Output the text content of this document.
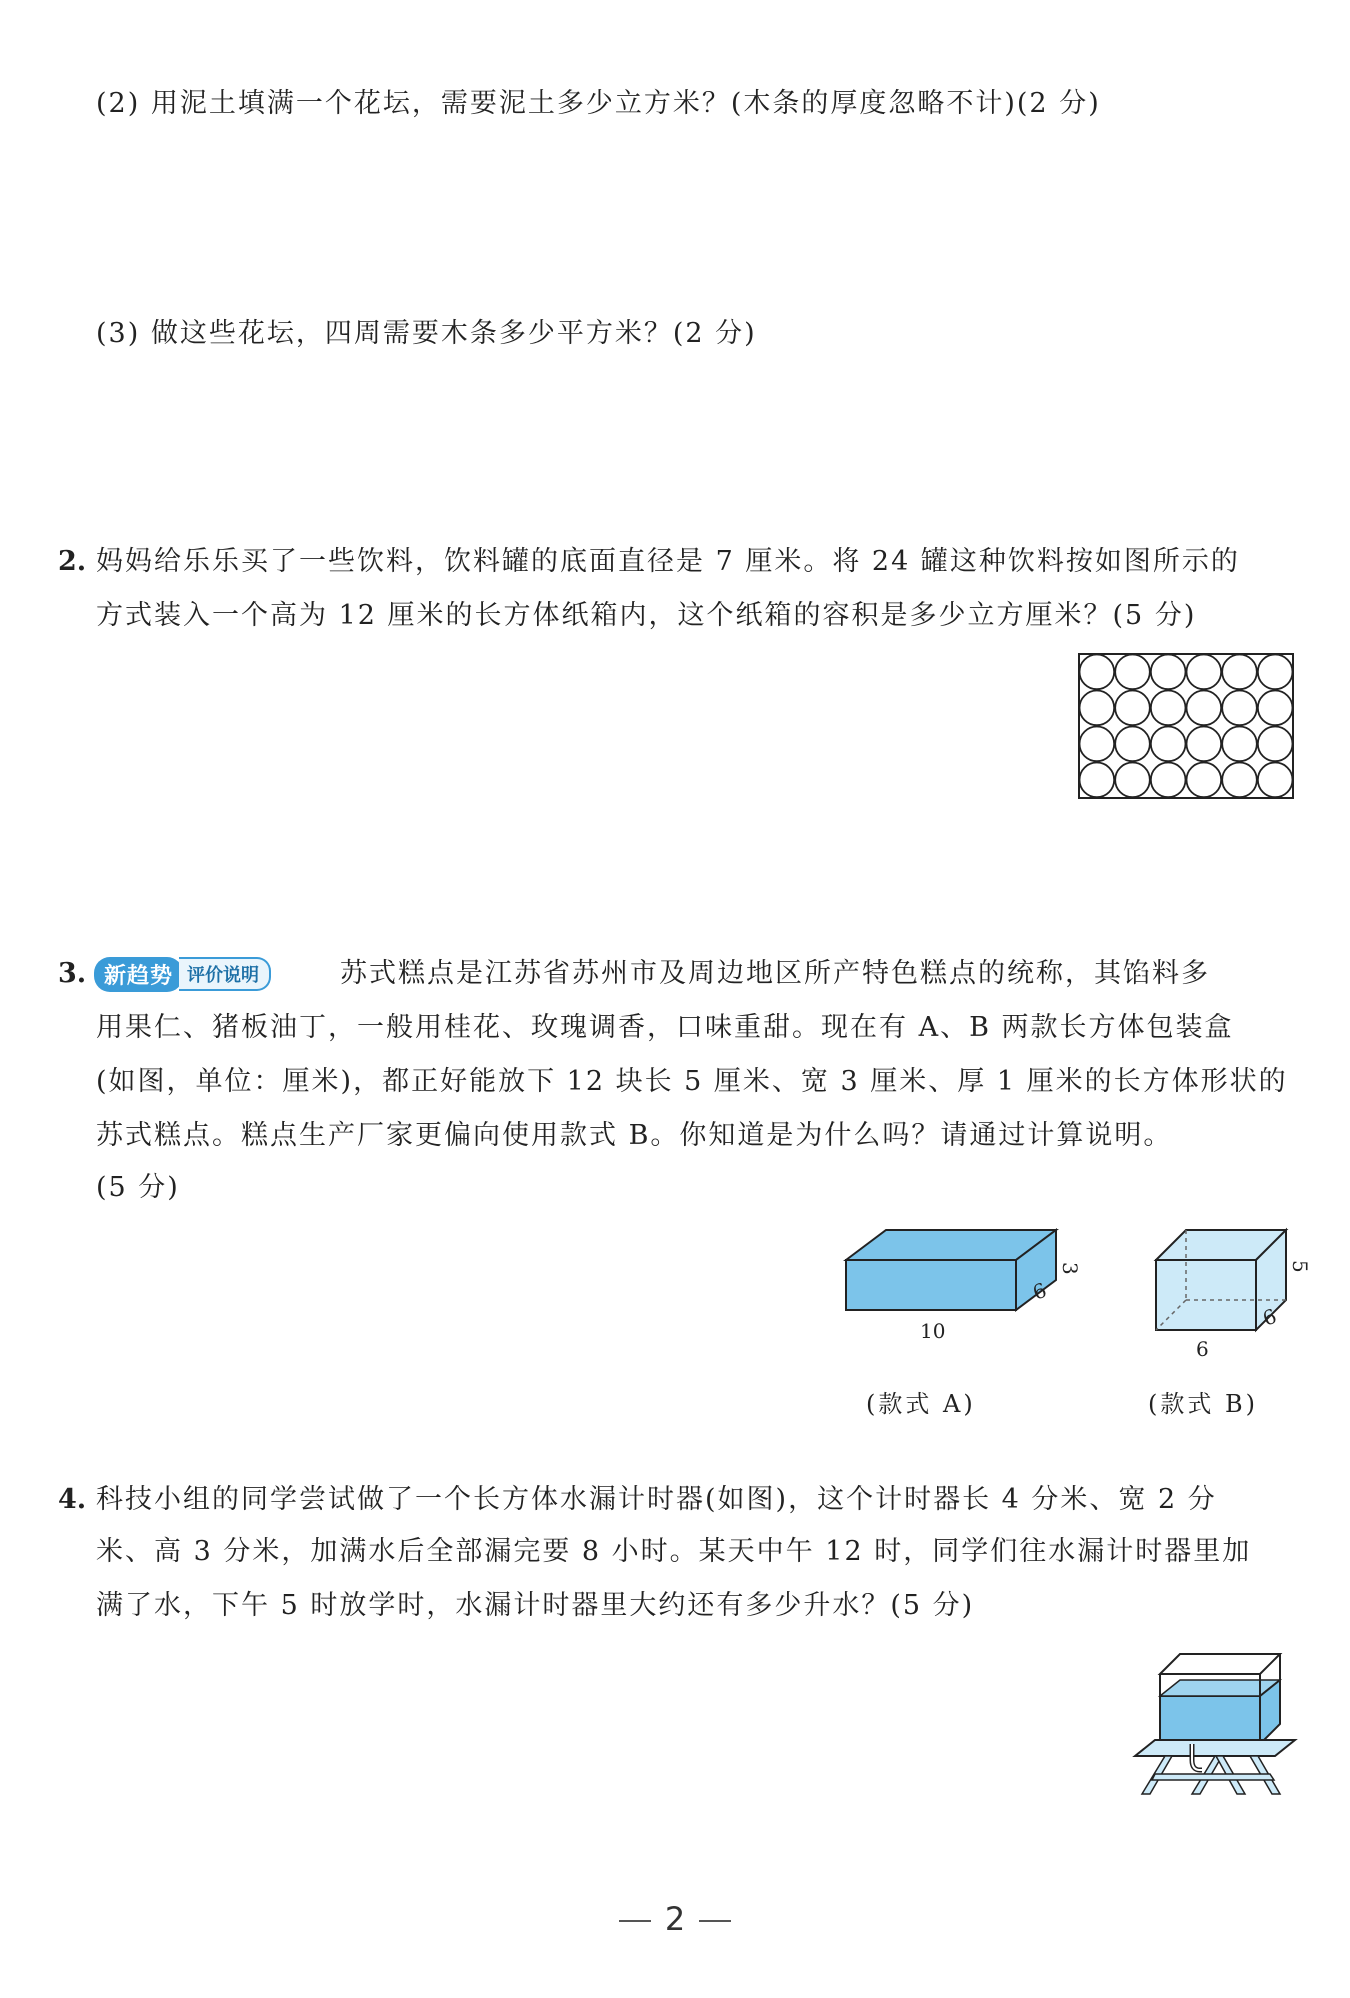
(2) 用泥土填满一个花坛，需要泥土多少立方米？(木条的厚度忽略不计)(2 分)
(3) 做这些花坛，四周需要木条多少平方米？(2 分)
2. 妈妈给乐乐买了一些饮料，饮料罐的底面直径是 7 厘米。将 24 罐这种饮料按如图所示的
方式装入一个高为 12 厘米的长方体纸箱内，这个纸箱的容积是多少立方厘米？(5 分)
3. 新趋势 评价说明	苏式糕点是江苏省苏州市及周边地区所产特色糕点的统称，其馅料多
用果仁、猪板油丁，一般用桂花、玫瑰调香，口味重甜。现在有 A、B 两款长方体包装盒
(如图，单位：厘米)，都正好能放下 12 块长 5 厘米、宽 3 厘米、厚 1 厘米的长方体形状的
苏式糕点。糕点生产厂家更偏向使用款式 B。你知道是为什么吗？请通过计算说明。
(5 分)
3
6
10
(款式 A)
5
6
6
(款式 B)
4. 科技小组的同学尝试做了一个长方体水漏计时器(如图)，这个计时器长 4 分米、宽 2 分
米、高 3 分米，加满水后全部漏完要 8 小时。某天中午 12 时，同学们往水漏计时器里加
满了水，下午 5 时放学时，水漏计时器里大约还有多少升水？(5 分)
2
